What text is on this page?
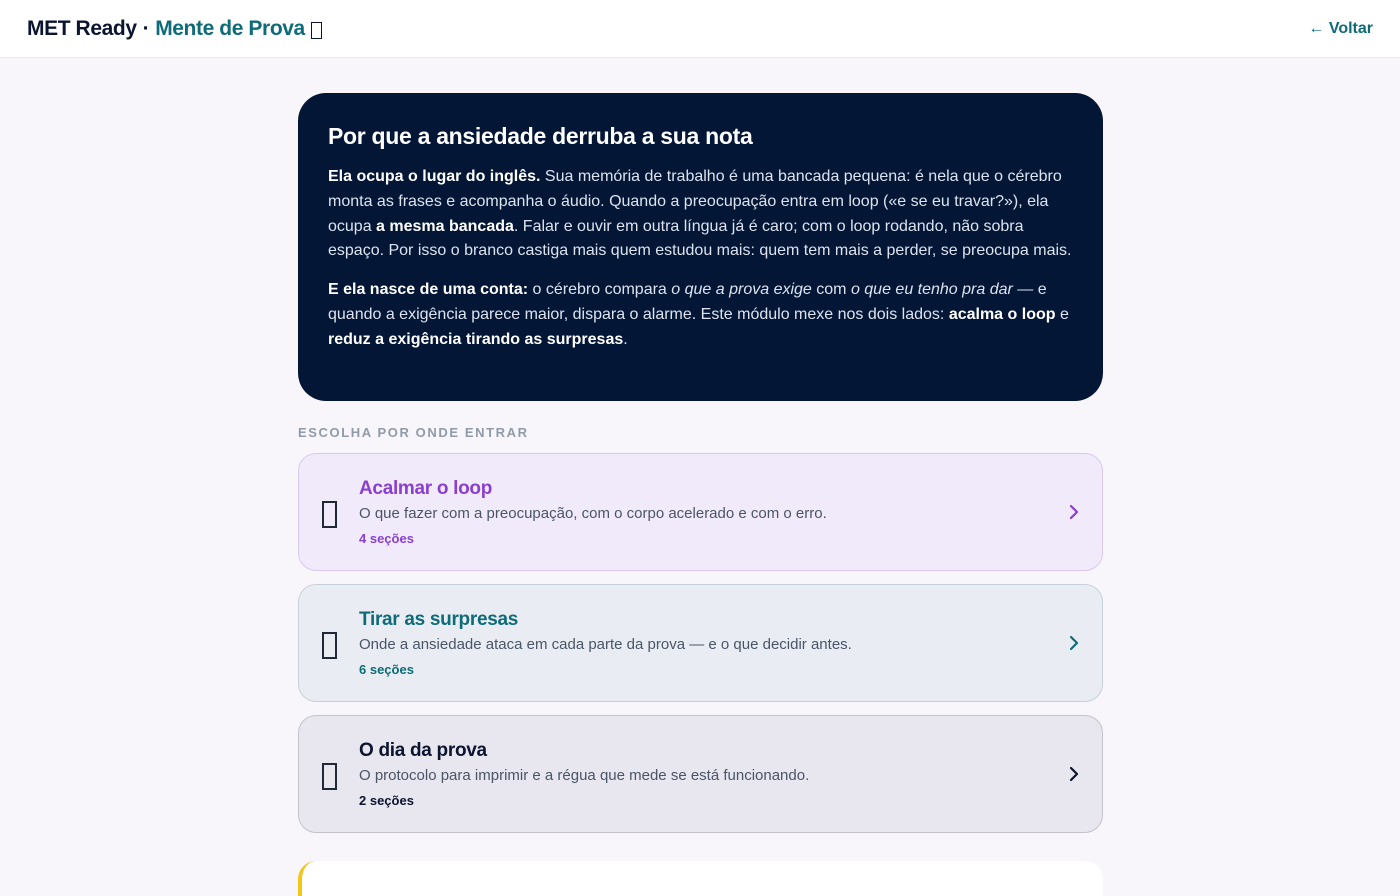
MET Ready · Mente de Prova	← Voltar
Por que a ansiedade derruba a sua nota

Ela ocupa o lugar do inglês. Sua memória de trabalho é uma bancada pequena: é nela que o cérebro monta as frases e acompanha o áudio. Quando a preocupação entra em loop («e se eu travar?»), ela ocupa a mesma bancada. Falar e ouvir em outra língua já é caro; com o loop rodando, não sobra espaço. Por isso o branco castiga mais quem estudou mais: quem tem mais a perder, se preocupa mais.

E ela nasce de uma conta: o cérebro compara o que a prova exige com o que eu tenho pra dar — e quando a exigência parece maior, dispara o alarme. Este módulo mexe nos dois lados: acalma o loop e reduz a exigência tirando as surpresas.

ESCOLHA POR ONDE ENTRAR
Acalmar o loop
O que fazer com a preocupação, com o corpo acelerado e com o erro.
4 seções
Tirar as surpresas
Onde a ansiedade ataca em cada parte da prova — e o que decidir antes.
6 seções
O dia da prova
O protocolo para imprimir e a régua que mede se está funcionando.
2 seções
